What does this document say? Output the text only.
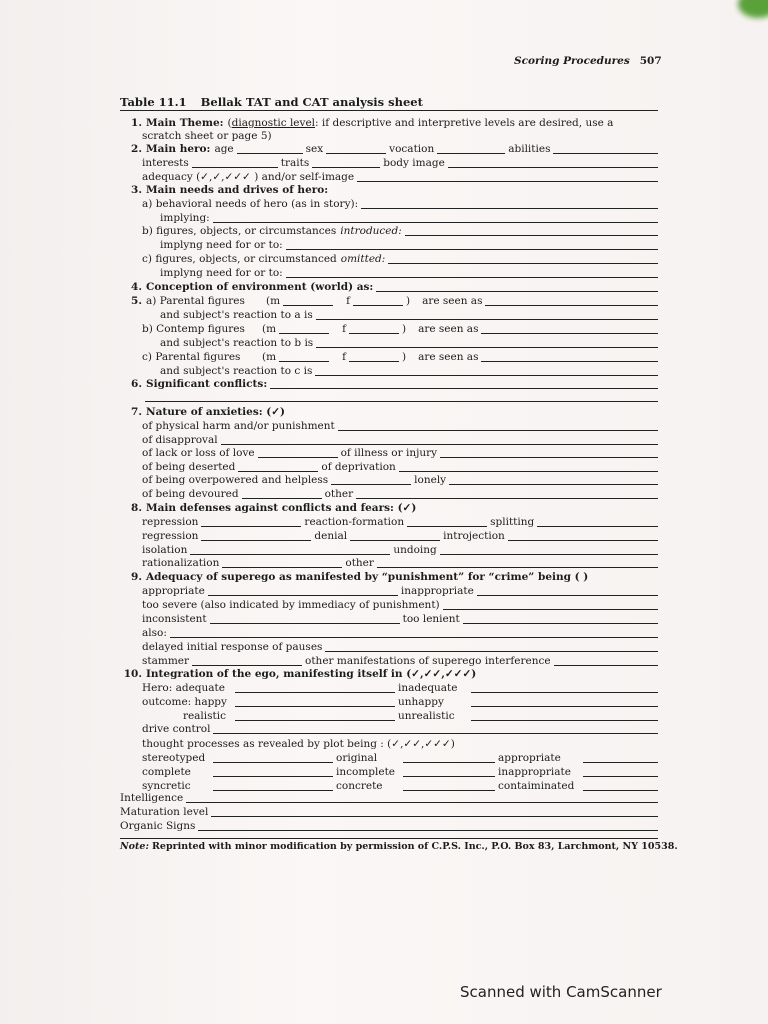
Scoring Procedures 507
Table 11.1 Bellak TAT and CAT analysis sheet
1. Main Theme: ( diagnostic level : if descriptive and interpretive levels are desired, use a
scratch sheet or page 5)
2. Main hero: age	sex	vocation	abilities
interests	traits	body image
adequacy (✓,✓,✓✓✓ ) and/or self-image
3. Main needs and drives of hero:
a) behavioral needs of hero (as in story):
implying:
b) figures, objects, or circumstances introduced:
implyng need for or to:
c) figures, objects, or circumstanced omitted:
implyng need for or to:
4. Conception of environment (world) as:
5. a) Parental figures	(m	f	) are seen as
and subject's reaction to a is
b) Contemp figures	(m	f	) are seen as
and subject's reaction to b is
c) Parental figures	(m	f	) are seen as
and subject's reaction to c is
6. Significant conflicts:
7. Nature of anxieties: (✓)
of physical harm and/or punishment
of disapproval
of lack or loss of love	of illness or injury
of being deserted	of deprivation
of being overpowered and helpless	lonely
of being devoured	other
8. Main defenses against conflicts and fears: (✓)
repression	reaction-formation	splitting
regression	denial	introjection
isolation	undoing
rationalization	other
9. Adequacy of superego as manifested by “punishment” for “crime” being ( )
appropriate	inappropriate
too severe (also indicated by immediacy of punishment)
inconsistent	too lenient
also:
delayed initial response of pauses
stammer	other manifestations of superego interference
10. Integration of the ego, manifesting itself in (✓,✓✓,✓✓✓)
Hero: adequate	inadequate
outcome: happy	unhappy
realistic	unrealistic
drive control
thought processes as revealed by plot being : (✓,✓✓,✓✓✓)
stereotyped	original	appropriate
complete	incomplete	inappropriate
syncretic	concrete	contaiminated
Intelligence
Maturation level
Organic Signs
Note: Reprinted with minor modification by permission of C.P.S. Inc., P.O. Box 83, Larchmont, NY 10538.
Scanned with CamScanner
